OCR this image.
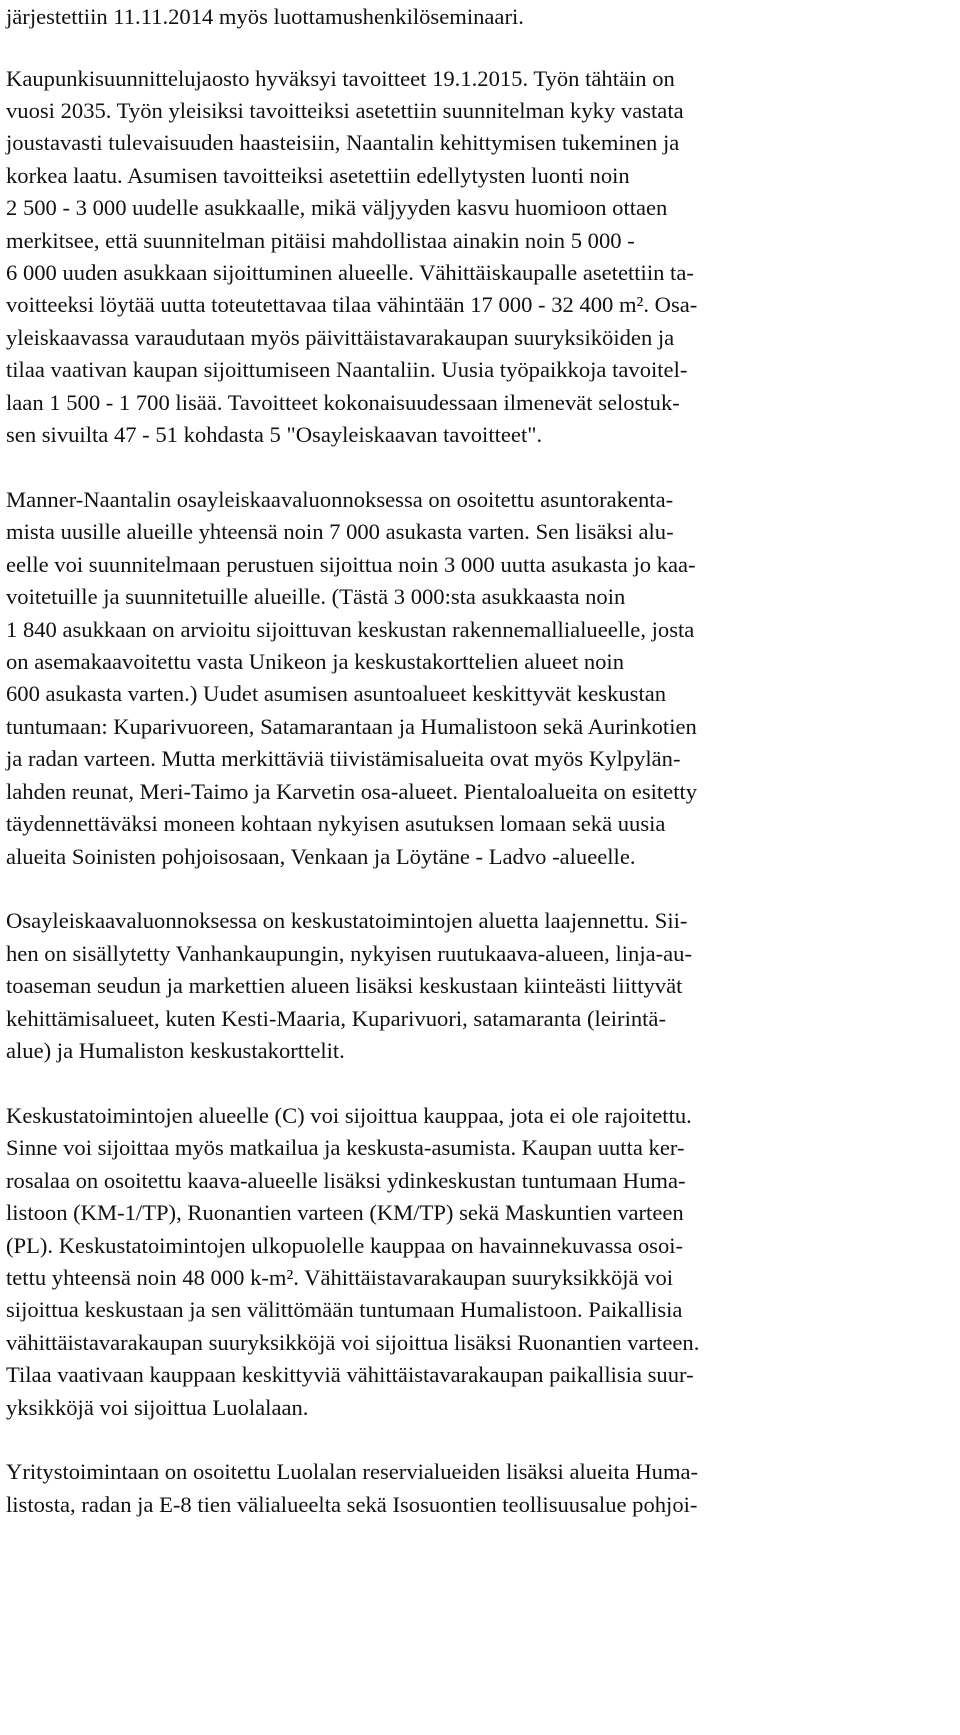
järjestettiin 11.11.2014 myös luottamushenkilöseminaari.
Kaupunkisuunnittelujaosto hyväksyi tavoitteet 19.1.2015. Työn tähtäin on
vuosi 2035. Työn yleisiksi tavoitteiksi asetettiin suunnitelman kyky vastata
joustavasti tulevaisuuden haasteisiin, Naantalin kehittymisen tukeminen ja
korkea laatu. Asumisen tavoitteiksi asetettiin edellytysten luonti noin
2 500 - 3 000 uudelle asukkaalle, mikä väljyyden kasvu huomioon ottaen
merkitsee, että suunnitelman pitäisi mahdollistaa ainakin noin 5 000 -
6 000 uuden asukkaan sijoittuminen alueelle. Vähittäiskaupalle asetettiin ta-
voitteeksi löytää uutta toteutettavaa tilaa vähintään 17 000 - 32 400 m². Osa-
yleiskaavassa varaudutaan myös päivittäistavarakaupan suuryksiköiden ja
tilaa vaativan kaupan sijoittumiseen Naantaliin. Uusia työpaikkoja tavoitel-
laan 1 500 - 1 700 lisää. Tavoitteet kokonaisuudessaan ilmenevät selostuk-
sen sivuilta 47 - 51 kohdasta 5 "Osayleiskaavan tavoitteet".
Manner-Naantalin osayleiskaavaluonnoksessa on osoitettu asuntorakenta-
mista uusille alueille yhteensä noin 7 000 asukasta varten. Sen lisäksi alu-
eelle voi suunnitelmaan perustuen sijoittua noin 3 000 uutta asukasta jo kaa-
voitetuille ja suunnitetuille alueille. (Tästä 3 000:sta asukkaasta noin
1 840 asukkaan on arvioitu sijoittuvan keskustan rakennemallialueelle, josta
on asemakaavoitettu vasta Unikeon ja keskustakorttelien alueet noin
600 asukasta varten.) Uudet asumisen asuntoalueet keskittyvät keskustan
tuntumaan: Kuparivuoreen, Satamarantaan ja Humalistoon sekä Aurinkotien
ja radan varteen. Mutta merkittäviä tiivistämisalueita ovat myös Kylpylän-
lahden reunat, Meri-Taimo ja Karvetin osa-alueet. Pientaloalueita on esitetty
täydennettäväksi moneen kohtaan nykyisen asutuksen lomaan sekä uusia
alueita Soinisten pohjoisosaan, Venkaan ja Löytäne - Ladvo -alueelle.
Osayleiskaavaluonnoksessa on keskustatoimintojen aluetta laajennettu. Sii-
hen on sisällytetty Vanhankaupungin, nykyisen ruutukaava-alueen, linja-au-
toaseman seudun ja markettien alueen lisäksi keskustaan kiinteästi liittyvät
kehittämisalueet, kuten Kesti-Maaria, Kuparivuori, satamaranta (leirintä-
alue) ja Humaliston keskustakorttelit.
Keskustatoimintojen alueelle (C) voi sijoittua kauppaa, jota ei ole rajoitettu.
Sinne voi sijoittaa myös matkailua ja keskusta-asumista. Kaupan uutta ker-
rosalaa on osoitettu kaava-alueelle lisäksi ydinkeskustan tuntumaan Huma-
listoon (KM-1/TP), Ruonantien varteen (KM/TP) sekä Maskuntien varteen
(PL). Keskustatoimintojen ulkopuolelle kauppaa on havainnekuvassa osoi-
tettu yhteensä noin 48 000 k-m². Vähittäistavarakaupan suuryksikköjä voi
sijoittua keskustaan ja sen välittömään tuntumaan Humalistoon. Paikallisia
vähittäistavarakaupan suuryksikköjä voi sijoittua lisäksi Ruonantien varteen.
Tilaa vaativaan kauppaan keskittyviä vähittäistavarakaupan paikallisia suur-
yksikköjä voi sijoittua Luolalaan.
Yritystoimintaan on osoitettu Luolalan reservialueiden lisäksi alueita Huma-
listosta, radan ja E-8 tien välialueelta sekä Isosuontien teollisuusalue pohjoi-
